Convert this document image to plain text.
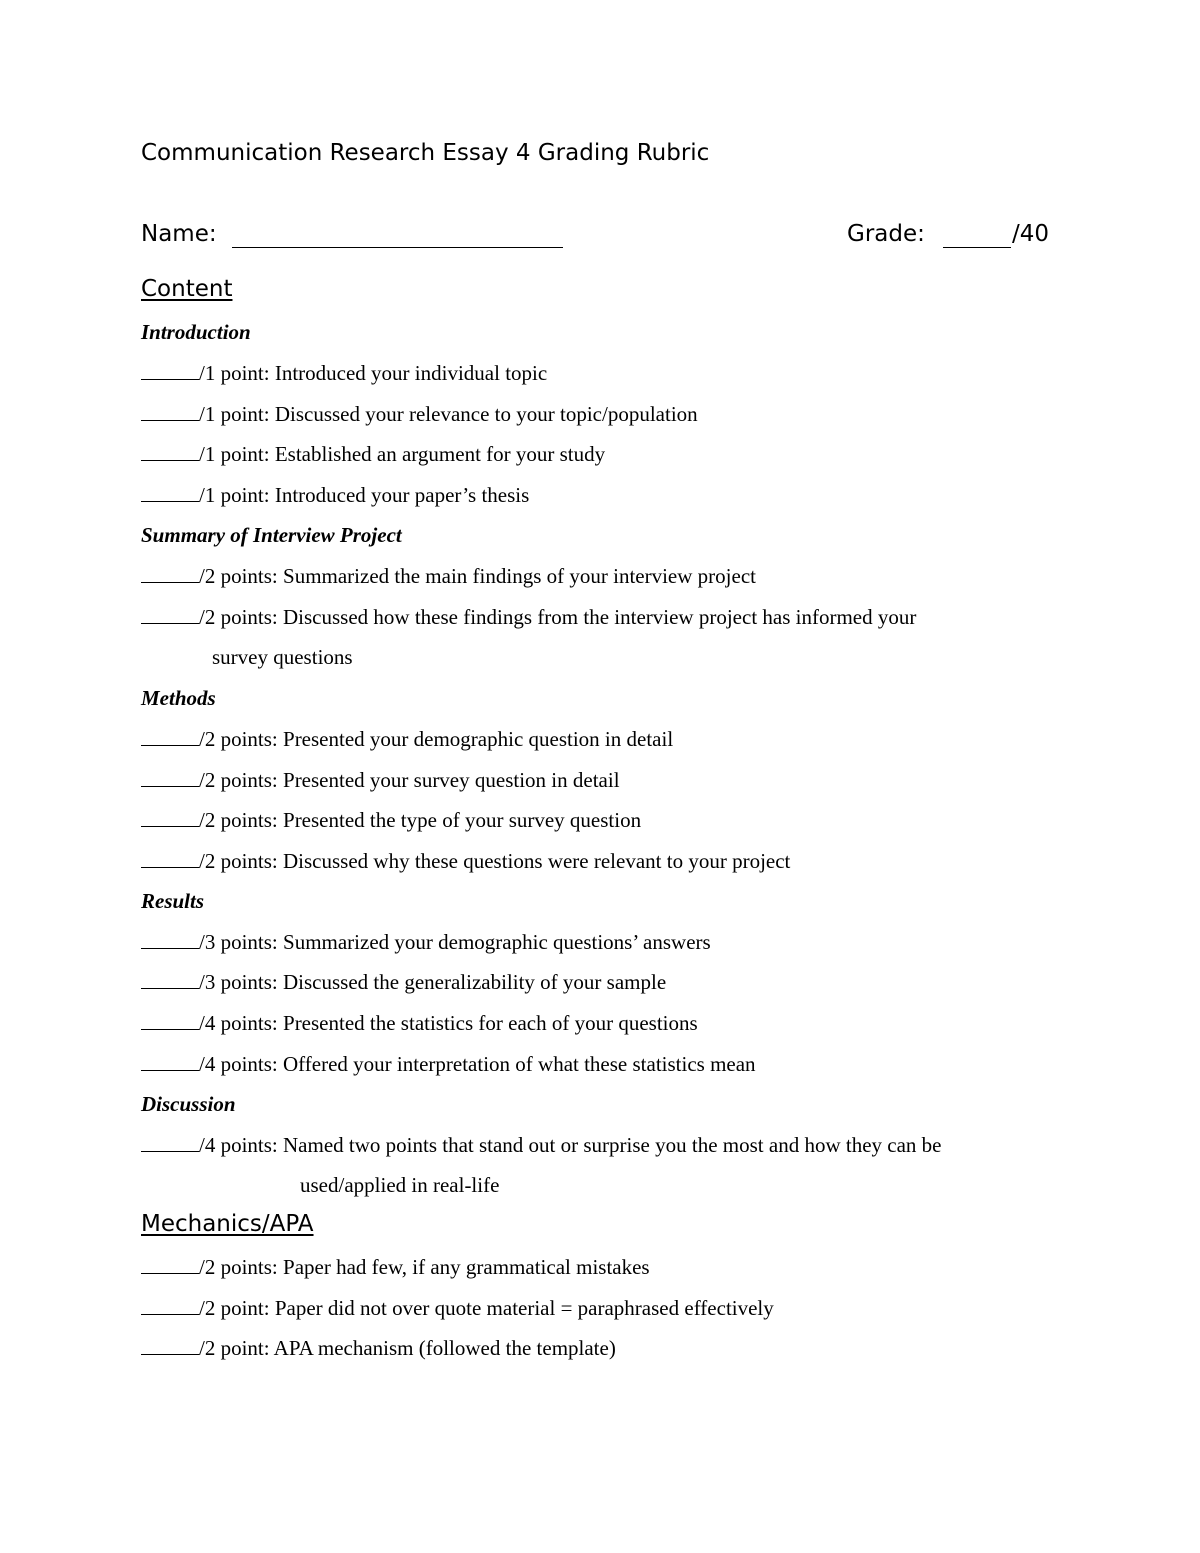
Communication Research Essay 4 Grading Rubric
Name:	Grade:	/40
Content
Introduction
/1 point: Introduced your individual topic
/1 point: Discussed your relevance to your topic/population
/1 point: Established an argument for your study
/1 point: Introduced your paper’s thesis
Summary of Interview Project
/2 points: Summarized the main findings of your interview project
/2 points: Discussed how these findings from the interview project has informed your
survey questions
Methods
/2 points: Presented your demographic question in detail
/2 points: Presented your survey question in detail
/2 points: Presented the type of your survey question
/2 points: Discussed why these questions were relevant to your project
Results
/3 points: Summarized your demographic questions’ answers
/3 points: Discussed the generalizability of your sample
/4 points: Presented the statistics for each of your questions
/4 points: Offered your interpretation of what these statistics mean
Discussion
/4 points: Named two points that stand out or surprise you the most and how they can be
used/applied in real-life
Mechanics/APA
/2 points: Paper had few, if any grammatical mistakes
/2 point: Paper did not over quote material = paraphrased effectively
/2 point: APA mechanism (followed the template)
